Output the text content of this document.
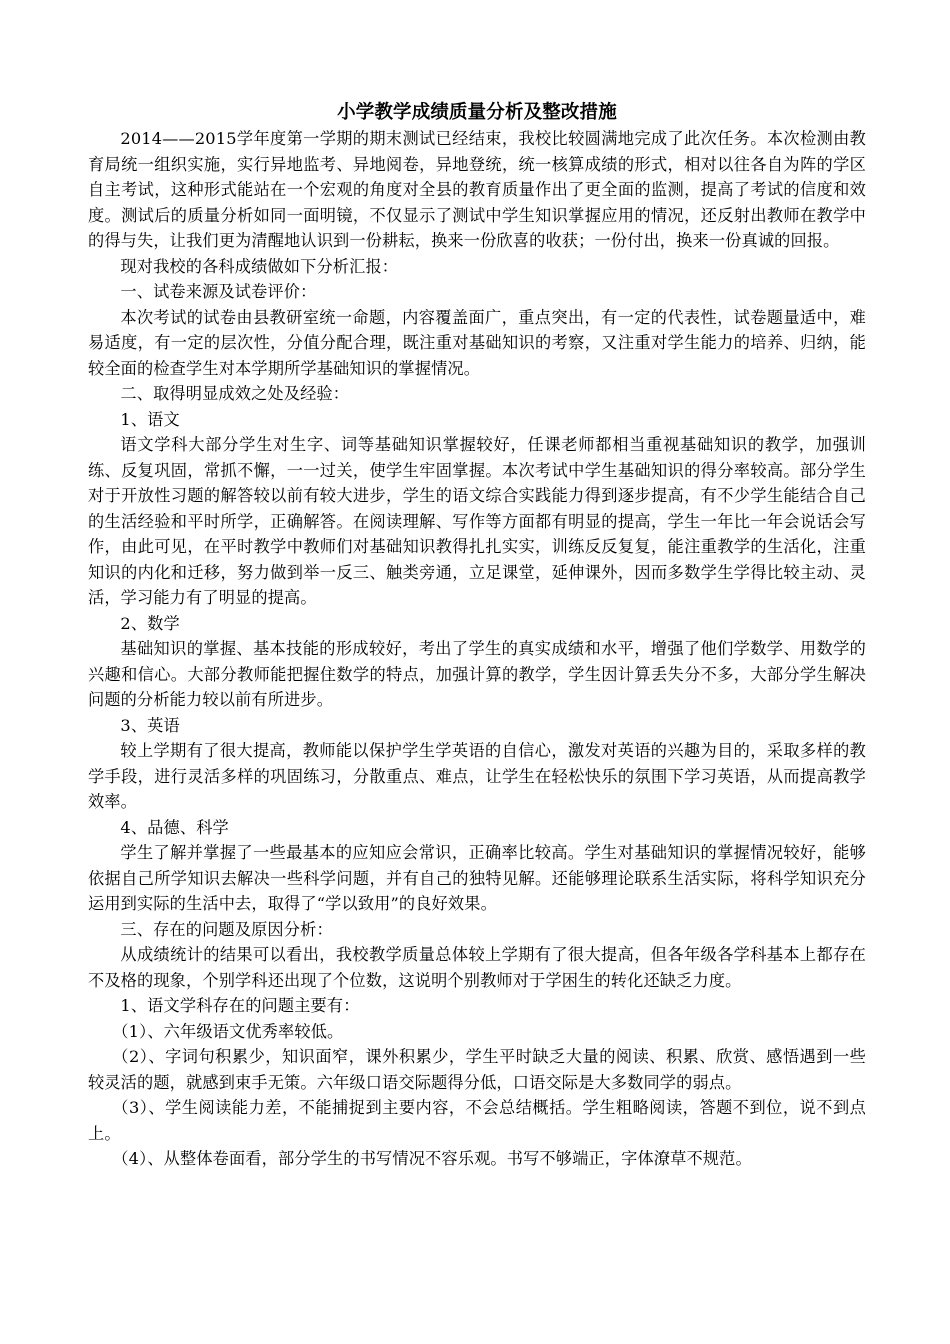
小学教学成绩质量分析及整改措施

2014——2015学年度第一学期的期末测试已经结束，我校比较圆满地完成了此次任务。本次检测由教育局统一组织实施，实行异地监考、异地阅卷，异地登统，统一核算成绩的形式，相对以往各自为阵的学区自主考试，这种形式能站在一个宏观的角度对全县的教育质量作出了更全面的监测，提高了考试的信度和效度。测试后的质量分析如同一面明镜，不仅显示了测试中学生知识掌握应用的情况，还反射出教师在教学中的得与失，让我们更为清醒地认识到一份耕耘，换来一份欣喜的收获；一份付出，换来一份真诚的回报。

现对我校的各科成绩做如下分析汇报：

一、试卷来源及试卷评价：

本次考试的试卷由县教研室统一命题，内容覆盖面广，重点突出，有一定的代表性，试卷题量适中，难易适度，有一定的层次性，分值分配合理，既注重对基础知识的考察，又注重对学生能力的培养、归纳，能较全面的检查学生对本学期所学基础知识的掌握情况。

二、取得明显成效之处及经验：

1、语文

语文学科大部分学生对生字、词等基础知识掌握较好，任课老师都相当重视基础知识的教学，加强训练、反复巩固，常抓不懈，一一过关，使学生牢固掌握。本次考试中学生基础知识的得分率较高。部分学生对于开放性习题的解答较以前有较大进步，学生的语文综合实践能力得到逐步提高，有不少学生能结合自己的生活经验和平时所学，正确解答。在阅读理解、写作等方面都有明显的提高，学生一年比一年会说话会写作，由此可见，在平时教学中教师们对基础知识教得扎扎实实，训练反反复复，能注重教学的生活化，注重知识的内化和迁移，努力做到举一反三、触类旁通，立足课堂，延伸课外，因而多数学生学得比较主动、灵活，学习能力有了明显的提高。

2、数学

基础知识的掌握、基本技能的形成较好，考出了学生的真实成绩和水平，增强了他们学数学、用数学的兴趣和信心。大部分教师能把握住数学的特点，加强计算的教学，学生因计算丢失分不多，大部分学生解决问题的分析能力较以前有所进步。

3、英语

较上学期有了很大提高，教师能以保护学生学英语的自信心，激发对英语的兴趣为目的，采取多样的教学手段，进行灵活多样的巩固练习，分散重点、难点，让学生在轻松快乐的氛围下学习英语，从而提高教学效率。

4、品德、科学

学生了解并掌握了一些最基本的应知应会常识，正确率比较高。学生对基础知识的掌握情况较好，能够依据自己所学知识去解决一些科学问题，并有自己的独特见解。还能够理论联系生活实际，将科学知识充分运用到实际的生活中去，取得了“学以致用”的良好效果。

三、存在的问题及原因分析：

从成绩统计的结果可以看出，我校教学质量总体较上学期有了很大提高，但各年级各学科基本上都存在不及格的现象，个别学科还出现了个位数，这说明个别教师对于学困生的转化还缺乏力度。

1、语文学科存在的问题主要有：

（1）、六年级语文优秀率较低。

（2）、字词句积累少，知识面窄，课外积累少，学生平时缺乏大量的阅读、积累、欣赏、感悟遇到一些较灵活的题，就感到束手无策。六年级口语交际题得分低，口语交际是大多数同学的弱点。

（3）、学生阅读能力差，不能捕捉到主要内容，不会总结概括。学生粗略阅读，答题不到位，说不到点上。

（4）、从整体卷面看，部分学生的书写情况不容乐观。书写不够端正，字体潦草不规范。
